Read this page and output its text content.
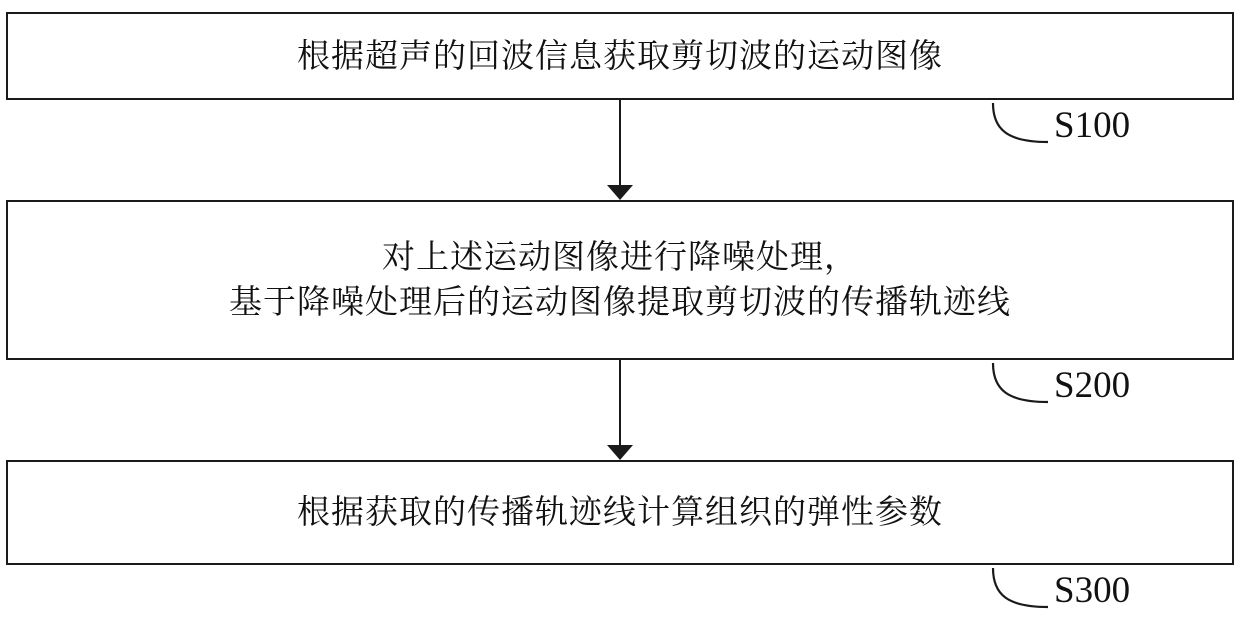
根据超声的回波信息获取剪切波的运动图像
S100
对上述运动图像进行降噪处理，
基于降噪处理后的运动图像提取剪切波的传播轨迹线
S200
根据获取的传播轨迹线计算组织的弹性参数
S300
